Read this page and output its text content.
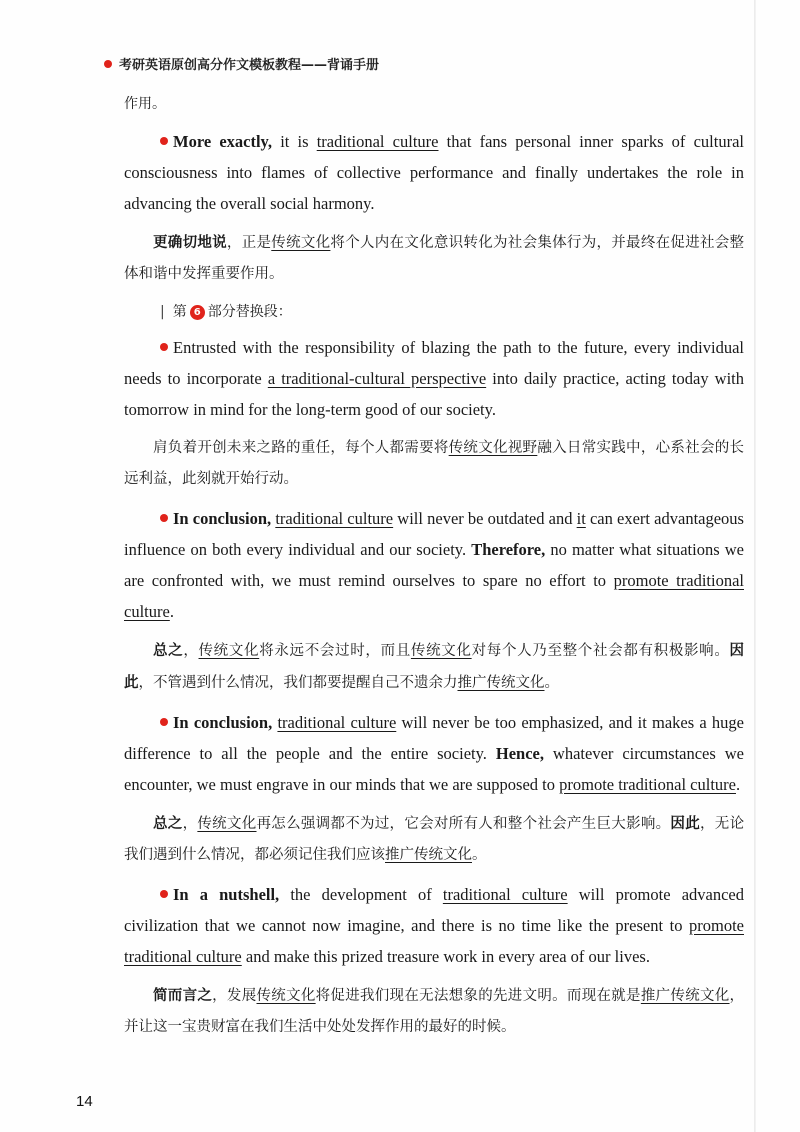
考研英语原创高分作文模板教程——背诵手册

作用。

More exactly, it is traditional culture that fans personal inner sparks of cultural consciousness into flames of collective performance and finally undertakes the role in advancing the overall social harmony.

更确切地说，正是传统文化将个人内在文化意识转化为社会集体行为，并最终在促进社会整体和谐中发挥重要作用。

| 第 6 部分替换段：

Entrusted with the responsibility of blazing the path to the future, every individual needs to incorporate a traditional-cultural perspective into daily practice, acting today with tomorrow in mind for the long-term good of our society.

肩负着开创未来之路的重任，每个人都需要将传统文化视野融入日常实践中，心系社会的长远利益，此刻就开始行动。

In conclusion, traditional culture will never be outdated and it can exert advantageous influence on both every individual and our society. Therefore, no matter what situations we are confronted with, we must remind ourselves to spare no effort to promote traditional culture.

总之，传统文化将永远不会过时，而且传统文化对每个人乃至整个社会都有积极影响。因此，不管遇到什么情况，我们都要提醒自己不遗余力推广传统文化。

In conclusion, traditional culture will never be too emphasized, and it makes a huge difference to all the people and the entire society. Hence, whatever circumstances we encounter, we must engrave in our minds that we are supposed to promote traditional culture.

总之，传统文化再怎么强调都不为过，它会对所有人和整个社会产生巨大影响。因此，无论我们遇到什么情况，都必须记住我们应该推广传统文化。

In a nutshell, the development of traditional culture will promote advanced civilization that we cannot now imagine, and there is no time like the present to promote traditional culture and make this prized treasure work in every area of our lives.

简而言之，发展传统文化将促进我们现在无法想象的先进文明。而现在就是推广传统文化，并让这一宝贵财富在我们生活中处处发挥作用的最好的时候。

14
